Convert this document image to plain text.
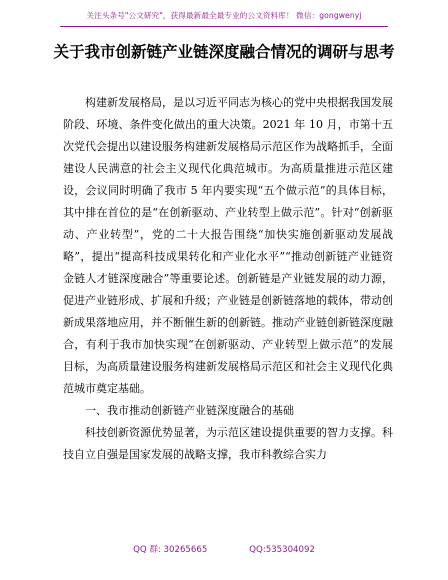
关注头条号"公文研究"，获得最新最全最专业的公文资料库！ 微信：gongwenyj
关于我市创新链产业链深度融合情况的调研与思考

构建新发展格局，是以习近平同志为核心的党中央根据我国发展阶段、环境、条件变化做出的重大决策。2021 年 10 月，市第十五次党代会提出以建设服务构建新发展格局示范区作为战略抓手，全面建设人民满意的社会主义现代化典范城市。为高质量推进示范区建设，会议同时明确了我市 5 年内要实现“五个做示范”的具体目标，其中排在首位的是“在创新驱动、产业转型上做示范”。针对“创新驱动、产业转型”，党的二十大报告围绕“加快实施创新驱动发展战略”，提出“提高科技成果转化和产业化水平”“推动创新链产业链资金链人才链深度融合”等重要论述。创新链是产业链发展的动力源，促进产业链形成、扩展和升级；产业链是创新链落地的载体，带动创新成果落地应用，并不断催生新的创新链。推动产业链创新链深度融合，有利于我市加快实现“在创新驱动、产业转型上做示范”的发展目标，为高质量建设服务构建新发展格局示范区和社会主义现代化典范城市奠定基础。

一、我市推动创新链产业链深度融合的基础

科技创新资源优势显著，为示范区建设提供重要的智力支撑。科技自立自强是国家发展的战略支撑，我市科教综合实力

QQ 群: 30265665	QQ:535304092
